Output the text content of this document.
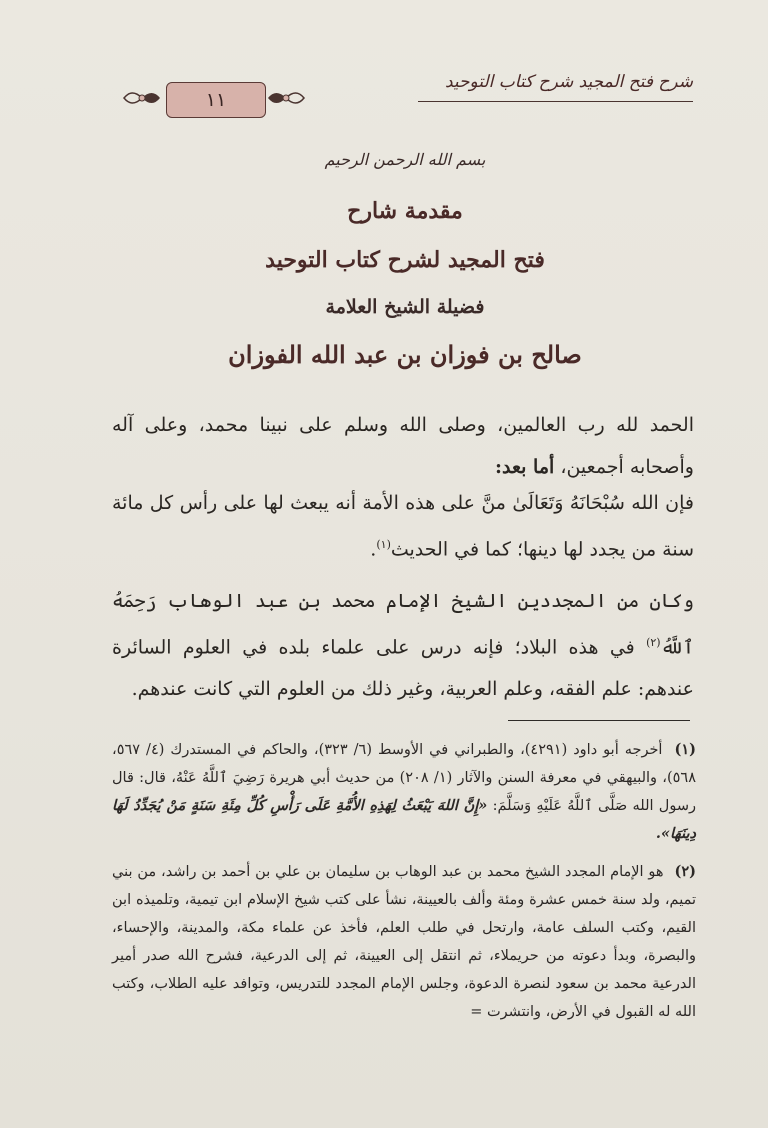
١١
شرح فتح المجيد شرح كتاب التوحيد
بسم الله الرحمن الرحيم
مقدمة شارح
فتح المجيد لشرح كتاب التوحيد
فضيلة الشيخ العلامة
صالح بن فوزان بن عبد الله الفوزان
الحمد لله رب العالمين، وصلى الله وسلم على نبينا محمد، وعلى آله وأصحابه أجمعين، أما بعد:
فإن الله سُبْحَانَهُ وَتَعَالَىٰ منَّ على هذه الأمة أنه يبعث لها على رأس كل مائة سنة من يجدد لها دينها؛ كما في الحديث$^{(١)}$.
وكان من المجددين الشيخ الإمام محمد بن عبد الوهاب رَحِمَهُ ٱللَّهُ$^{(٢)}$ في هذه البلاد؛ فإنه درس على علماء بلده في العلوم السائرة عندهم: علم الفقه، وعلم العربية، وغير ذلك من العلوم التي كانت عندهم.
(١) أخرجه أبو داود (٤٢٩١)، والطبراني في الأوسط (٦/ ٣٢٣)، والحاكم في المستدرك (٤/ ٥٦٧، ٥٦٨)، والبيهقي في معرفة السنن والآثار (١/ ٢٠٨) من حديث أبي هريرة رَضِيَ ٱللَّهُ عَنْهُ، قال: قال رسول الله صَلَّى ٱللَّهُ عَلَيْهِ وَسَلَّمَ: «إِنَّ اللهَ يَبْعَثُ لِهَذِهِ الأُمَّةِ عَلَى رَأْسِ كُلِّ مِئَةِ سَنَةٍ مَنْ يُجَدِّدُ لَهَا دِينَهَا».
(٢) هو الإمام المجدد الشيخ محمد بن عبد الوهاب بن سليمان بن علي بن أحمد بن راشد، من بني تميم، ولد سنة خمس عشرة ومئة وألف بالعيينة، نشأ على كتب شيخ الإسلام ابن تيمية، وتلميذه ابن القيم، وكتب السلف عامة، وارتحل في طلب العلم، فأخذ عن علماء مكة، والمدينة، والإحساء، والبصرة، وبدأ دعوته من حريملاء، ثم انتقل إلى العيينة، ثم إلى الدرعية، فشرح الله صدر أمير الدرعية محمد بن سعود لنصرة الدعوة، وجلس الإمام المجدد للتدريس، وتوافد عليه الطلاب، وكتب الله له القبول في الأرض، وانتشرت =
